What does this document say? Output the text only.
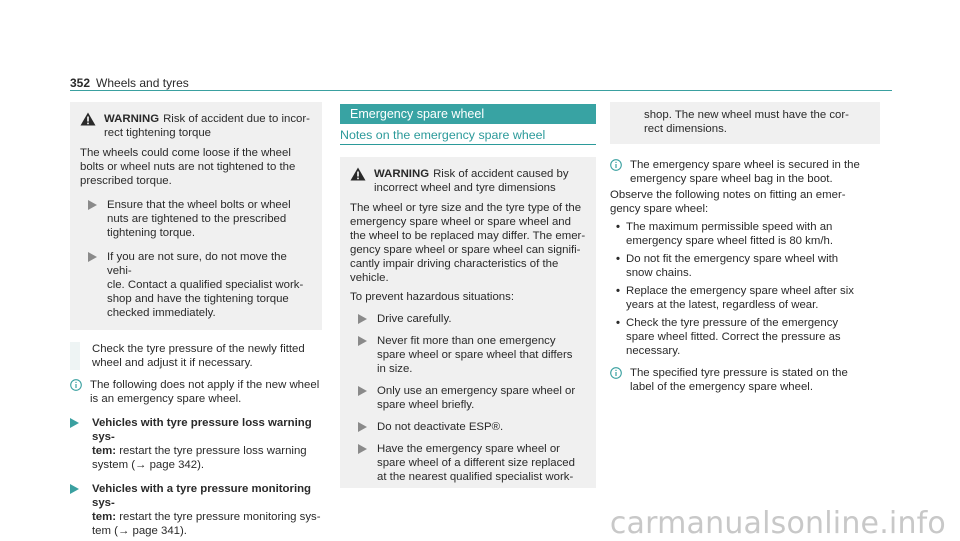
352 Wheels and tyres
WARNING Risk of accident due to incor-
rect tightening torque
The wheels could come loose if the wheel
bolts or wheel nuts are not tightened to the
prescribed torque.
Ensure that the wheel bolts or wheel
nuts are tightened to the prescribed
tightening torque.
If you are not sure, do not move the vehi-
cle. Contact a qualified specialist work-
shop and have the tightening torque
checked immediately.
Check the tyre pressure of the newly fitted
wheel and adjust it if necessary.
The following does not apply if the new wheel
is an emergency spare wheel.
Vehicles with tyre pressure loss warning sys-
tem: restart the tyre pressure loss warning
system (→ page 342).
Vehicles with a tyre pressure monitoring sys-
tem: restart the tyre pressure monitoring sys-
tem (→ page 341).
Emergency spare wheel
Notes on the emergency spare wheel
WARNING Risk of accident caused by
incorrect wheel and tyre dimensions
The wheel or tyre size and the tyre type of the
emergency spare wheel or spare wheel and
the wheel to be replaced may differ. The emer-
gency spare wheel or spare wheel can signifi-
cantly impair driving characteristics of the
vehicle.
To prevent hazardous situations:
Drive carefully.
Never fit more than one emergency
spare wheel or spare wheel that differs
in size.
Only use an emergency spare wheel or
spare wheel briefly.
Do not deactivate ESP®.
Have the emergency spare wheel or
spare wheel of a different size replaced
at the nearest qualified specialist work-
shop. The new wheel must have the cor-
rect dimensions.
The emergency spare wheel is secured in the
emergency spare wheel bag in the boot.
Observe the following notes on fitting an emer-
gency spare wheel:
• The maximum permissible speed with an
emergency spare wheel fitted is 80 km/h.
• Do not fit the emergency spare wheel with
snow chains.
• Replace the emergency spare wheel after six
years at the latest, regardless of wear.
• Check the tyre pressure of the emergency
spare wheel fitted. Correct the pressure as
necessary.
The specified tyre pressure is stated on the
label of the emergency spare wheel.
carmanualsonline.info
